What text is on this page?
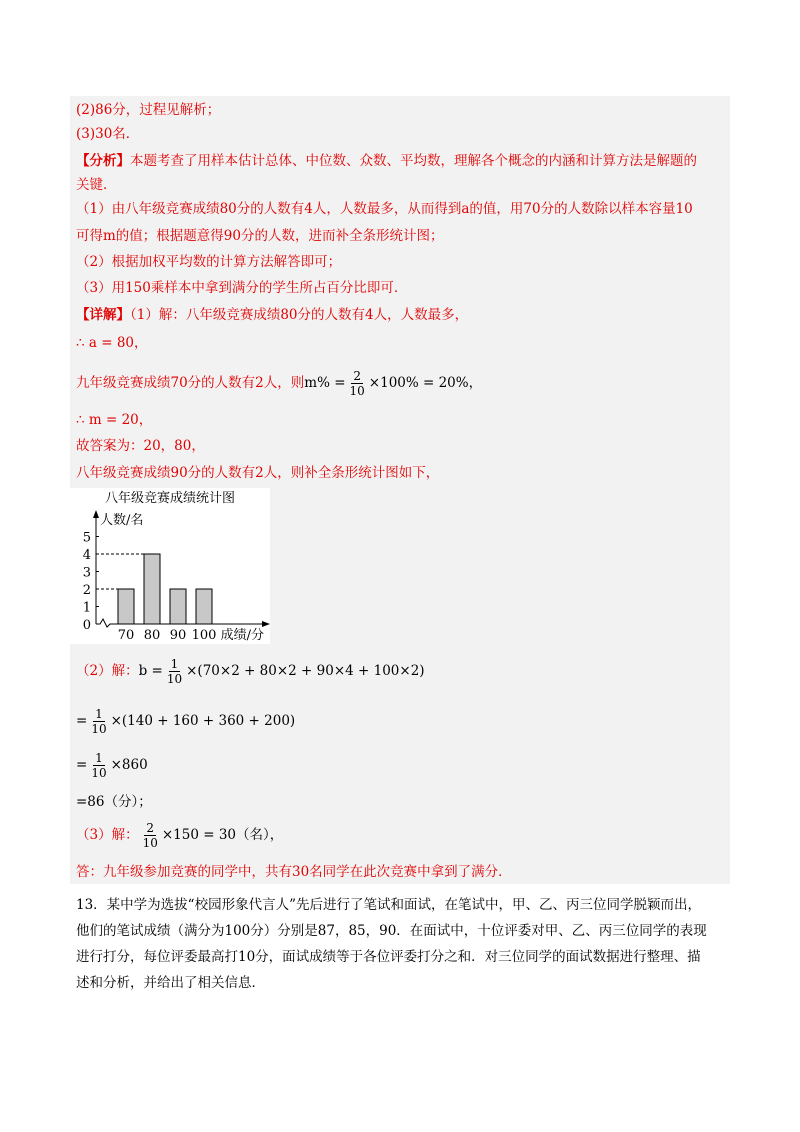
(2)86分，过程见解析；
(3)30名．
【分析】本题考查了用样本估计总体、中位数、众数、平均数，理解各个概念的内涵和计算方法是解题的
关键．
（1）由八年级竞赛成绩80分的人数有4人，人数最多，从而得到a的值，用70分的人数除以样本容量10
可得m的值；根据题意得90分的人数，进而补全条形统计图；
（2）根据加权平均数的计算方法解答即可；
（3）用150乘样本中拿到满分的学生所占百分比即可．
【详解】（1）解：八年级竞赛成绩80分的人数有4人，人数最多，
∴ a = 80，
九年级竞赛成绩70分的人数有2人，则$m\% = \frac{2}{10} \times 100\% = 20\%$，
∴ m = 20，
故答案为：20，80，
八年级竞赛成绩90分的人数有2人，则补全条形统计图如下，
八年级竞赛成绩统计图
人数/名
0
1
2
3
4
5
70 80 90 100 成绩/分
（2）解：$b = \frac{1}{10} \times(70\times 2 + 80\times 2 + 90\times 4 + 100\times 2)$
= $\frac{1}{10} \times(140 + 160 + 360 + 200)$
= $\frac{1}{10} \times 860$
=86（分）；
（3）解： $\frac{2}{10} \times 150 = 30$（名），
答：九年级参加竞赛的同学中，共有30名同学在此次竞赛中拿到了满分．
13．某中学为选拔“校园形象代言人”先后进行了笔试和面试，在笔试中，甲、乙、丙三位同学脱颖而出，
他们的笔试成绩（满分为100分）分别是87，85，90．在面试中，十位评委对甲、乙、丙三位同学的表现
进行打分，每位评委最高打10分，面试成绩等于各位评委打分之和．对三位同学的面试数据进行整理、描
述和分析，并给出了相关信息．
